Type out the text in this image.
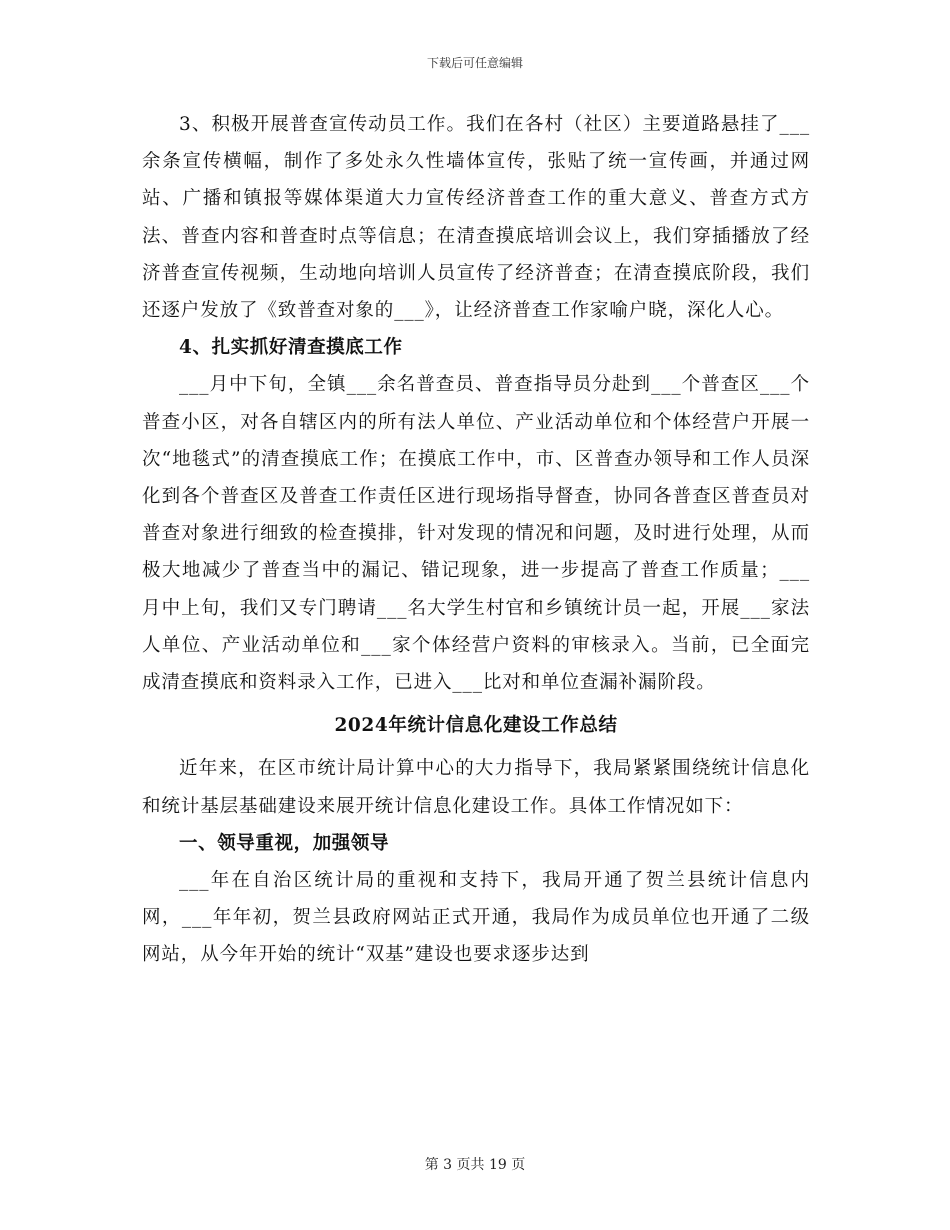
下载后可任意编辑

3、积极开展普查宣传动员工作。我们在各村（社区）主要道路悬挂了___余条宣传横幅，制作了多处永久性墙体宣传，张贴了统一宣传画，并通过网站、广播和镇报等媒体渠道大力宣传经济普查工作的重大意义、普查方式方法、普查内容和普查时点等信息；在清查摸底培训会议上，我们穿插播放了经济普查宣传视频，生动地向培训人员宣传了经济普查；在清查摸底阶段，我们还逐户发放了《致普查对象的___》，让经济普查工作家喻户晓，深化人心。

4、扎实抓好清查摸底工作

___月中下旬，全镇___余名普查员、普查指导员分赴到___个普查区___个普查小区，对各自辖区内的所有法人单位、产业活动单位和个体经营户开展一次“地毯式”的清查摸底工作；在摸底工作中，市、区普查办领导和工作人员深化到各个普查区及普查工作责任区进行现场指导督查，协同各普查区普查员对普查对象进行细致的检查摸排，针对发现的情况和问题，及时进行处理，从而极大地减少了普查当中的漏记、错记现象，进一步提高了普查工作质量；___月中上旬，我们又专门聘请___名大学生村官和乡镇统计员一起，开展___家法人单位、产业活动单位和___家个体经营户资料的审核录入。当前，已全面完成清查摸底和资料录入工作，已进入___比对和单位查漏补漏阶段。

2024年统计信息化建设工作总结

近年来，在区市统计局计算中心的大力指导下，我局紧紧围绕统计信息化和统计基层基础建设来展开统计信息化建设工作。具体工作情况如下：

一、领导重视，加强领导

___年在自治区统计局的重视和支持下，我局开通了贺兰县统计信息内网，___年年初，贺兰县政府网站正式开通，我局作为成员单位也开通了二级网站，从今年开始的统计“双基”建设也要求逐步达到

第 3 页共 19 页
